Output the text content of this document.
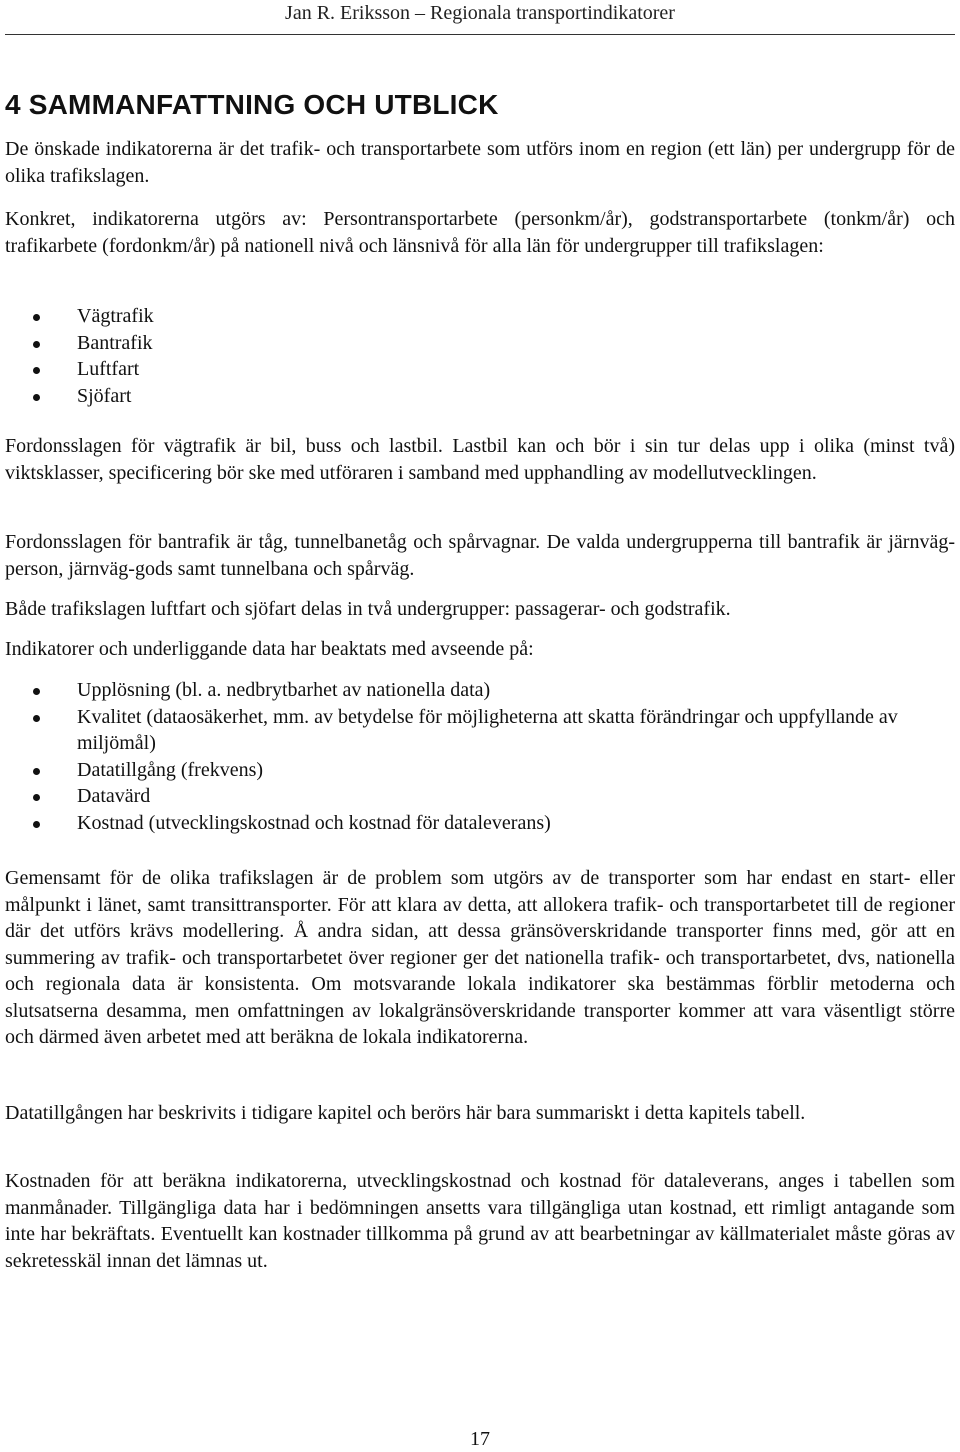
Jan R. Eriksson – Regionala transportindikatorer
4 SAMMANFATTNING OCH UTBLICK

De önskade indikatorerna är det trafik- och transportarbete som utförs inom en region (ett län) per undergrupp för de olika trafikslagen.

Konkret, indikatorerna utgörs av: Persontransportarbete (personkm/år), godstransportarbete (tonkm/år) och trafikarbete (fordonkm/år) på nationell nivå och länsnivå för alla län för undergrupper till trafikslagen:

Vägtrafik
Bantrafik
Luftfart
Sjöfart

Fordonsslagen för vägtrafik är bil, buss och lastbil. Lastbil kan och bör i sin tur delas upp i olika (minst två) viktsklasser, specificering bör ske med utföraren i samband med upphandling av modellutvecklingen.

Fordonsslagen för bantrafik är tåg, tunnelbanetåg och spårvagnar. De valda undergrupperna till bantrafik är järnväg-person, järnväg-gods samt tunnelbana och spårväg.

Både trafikslagen luftfart och sjöfart delas in två undergrupper: passagerar- och godstrafik.

Indikatorer och underliggande data har beaktats med avseende på:

Upplösning (bl. a. nedbrytbarhet av nationella data)
Kvalitet (dataosäkerhet, mm. av betydelse för möjligheterna att skatta förändringar och uppfyllande av miljömål)
Datatillgång (frekvens)
Datavärd
Kostnad (utvecklingskostnad och kostnad för dataleverans)

Gemensamt för de olika trafikslagen är de problem som utgörs av de transporter som har endast en start- eller målpunkt i länet, samt transittransporter. För att klara av detta, att allokera trafik- och transportarbetet till de regioner där det utförs krävs modellering. Å andra sidan, att dessa gränsöverskridande transporter finns med, gör att en summering av trafik- och transportarbetet över regioner ger det nationella trafik- och transportarbetet, dvs, nationella och regionala data är konsistenta. Om motsvarande lokala indikatorer ska bestämmas förblir metoderna och slutsatserna desamma, men omfattningen av lokalgränsöverskridande transporter kommer att vara väsentligt större och därmed även arbetet med att beräkna de lokala indikatorerna.

Datatillgången har beskrivits i tidigare kapitel och berörs här bara summariskt i detta kapitels tabell.

Kostnaden för att beräkna indikatorerna, utvecklingskostnad och kostnad för dataleverans, anges i tabellen som manmånader. Tillgängliga data har i bedömningen ansetts vara tillgängliga utan kostnad, ett rimligt antagande som inte har bekräftats. Eventuellt kan kostnader tillkomma på grund av att bearbetningar av källmaterialet måste göras av sekretesskäl innan det lämnas ut.

17
